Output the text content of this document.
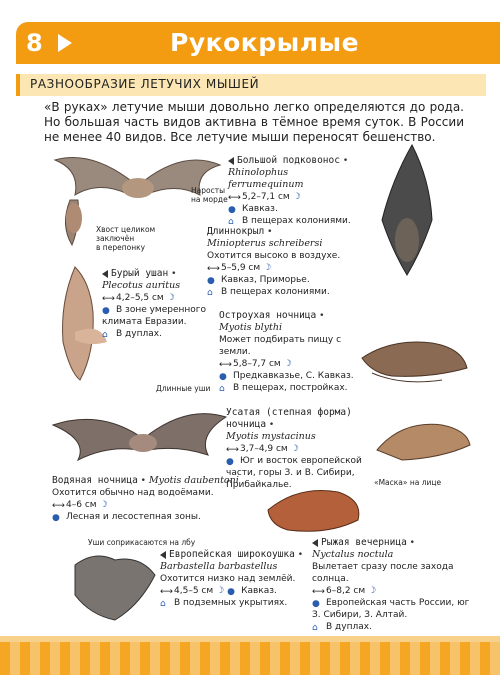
8	Рукокрылые
РАЗНООБРАЗИЕ ЛЕТУЧИХ МЫШЕЙ

«В руках» летучие мыши довольно легко определяются до рода. Но большая часть видов активна в тёмное время суток. В России не менее 40 видов. Все летучие мыши переносят бешенство.

Наросты
на морде
Хвост целиком
заключён
в перепонку
Длинные уши
«Маска» на лице
Уши соприкасаются на лбу
Большой подковонос •
Rhinolophus ferrumequinum
⟷5,2–7,1 см ☽
● Кавказ.
⌂ В пещерах колониями.
Длиннокрыл •
Miniopterus schreibersi
Охотится высоко в воздухе.
⟷5–5,9 см ☽
● Кавказ, Приморье.
⌂ В пещерах колониями.
Бурый ушан •
Plecotus auritus
⟷4,2–5,5 см ☽
● В зоне умеренного климата Евразии.
⌂ В дуплах.
Остроухая ночница •
Myotis blythi
Может подбирать пищу с земли.
⟷5,8–7,7 см ☽
● Предкавказье, С. Кавказ.
⌂ В пещерах, постройках.
Усатая (степная форма) ночница •
Myotis mystacinus
⟷3,7–4,9 см ☽
● Юг и восток европейской части, горы З. и В. Сибири, Прибайкалье.
Водяная ночница • Myotis daubentoni
Охотится обычно над водоёмами.
⟷4–6 см ☽
● Лесная и лесостепная зоны.
Рыжая вечерница •
Nyctalus noctula
Вылетает сразу после захода солнца.
⟷6–8,2 см ☽
● Европейская часть России, юг З. Сибири, З. Алтай.
⌂ В дуплах.
Европейская широкоушка •
Barbastella barbastellus
Охотится низко над землёй.
⟷4,5–5 см ☽ ● Кавказ.
⌂ В подземных укрытиях.
